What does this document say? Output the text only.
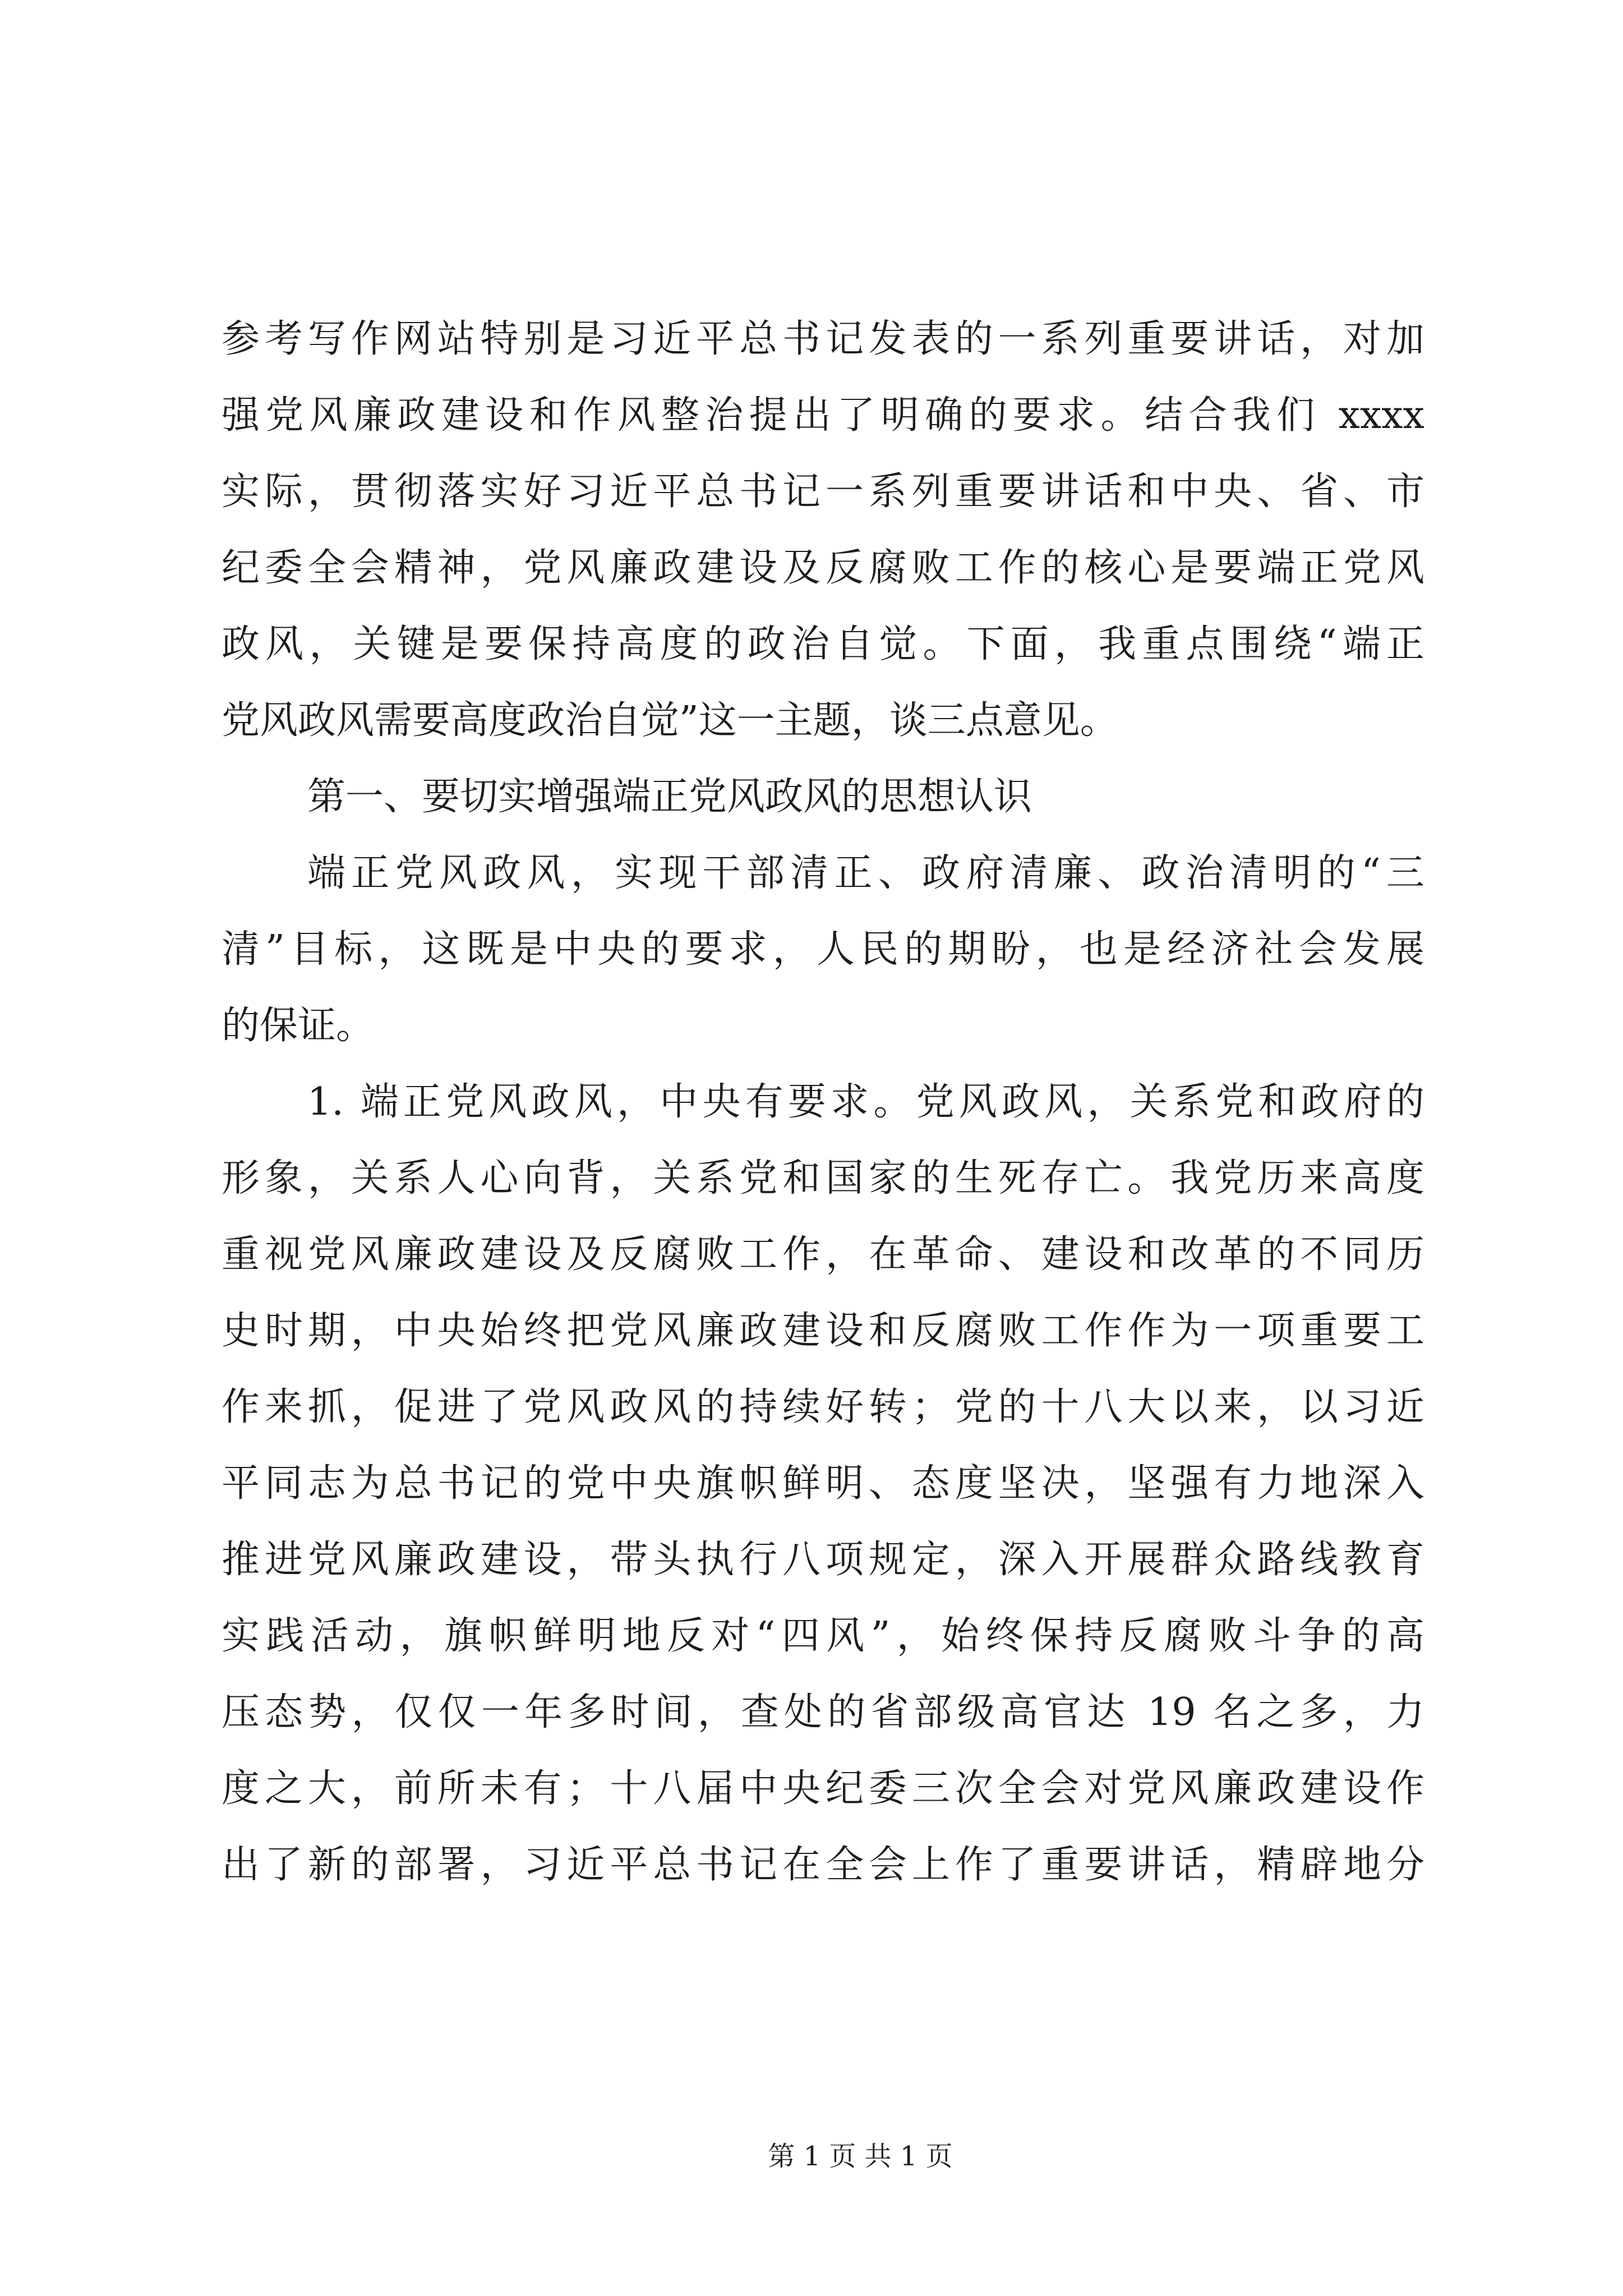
参考写作网站特别是习近平总书记发表的一系列重要讲话，对加
强党风廉政建设和作风整治提出了明确的要求。结合我们 xxxx
实际，贯彻落实好习近平总书记一系列重要讲话和中央、省、市
纪委全会精神，党风廉政建设及反腐败工作的核心是要端正党风
政风，关键是要保持高度的政治自觉。下面，我重点围绕“端正
党风政风需要高度政治自觉”这一主题，谈三点意见。
第一、要切实增强端正党风政风的思想认识
端正党风政风，实现干部清正、政府清廉、政治清明的“三
清”目标，这既是中央的要求，人民的期盼，也是经济社会发展
的保证。
1. 端正党风政风，中央有要求。党风政风，关系党和政府的
形象，关系人心向背，关系党和国家的生死存亡。我党历来高度
重视党风廉政建设及反腐败工作，在革命、建设和改革的不同历
史时期，中央始终把党风廉政建设和反腐败工作作为一项重要工
作来抓，促进了党风政风的持续好转；党的十八大以来，以习近
平同志为总书记的党中央旗帜鲜明、态度坚决，坚强有力地深入
推进党风廉政建设，带头执行八项规定，深入开展群众路线教育
实践活动，旗帜鲜明地反对“四风”，始终保持反腐败斗争的高
压态势，仅仅一年多时间，查处的省部级高官达 19 名之多，力
度之大，前所未有；十八届中央纪委三次全会对党风廉政建设作
出了新的部署，习近平总书记在全会上作了重要讲话，精辟地分
第 1 页 共 1 页
